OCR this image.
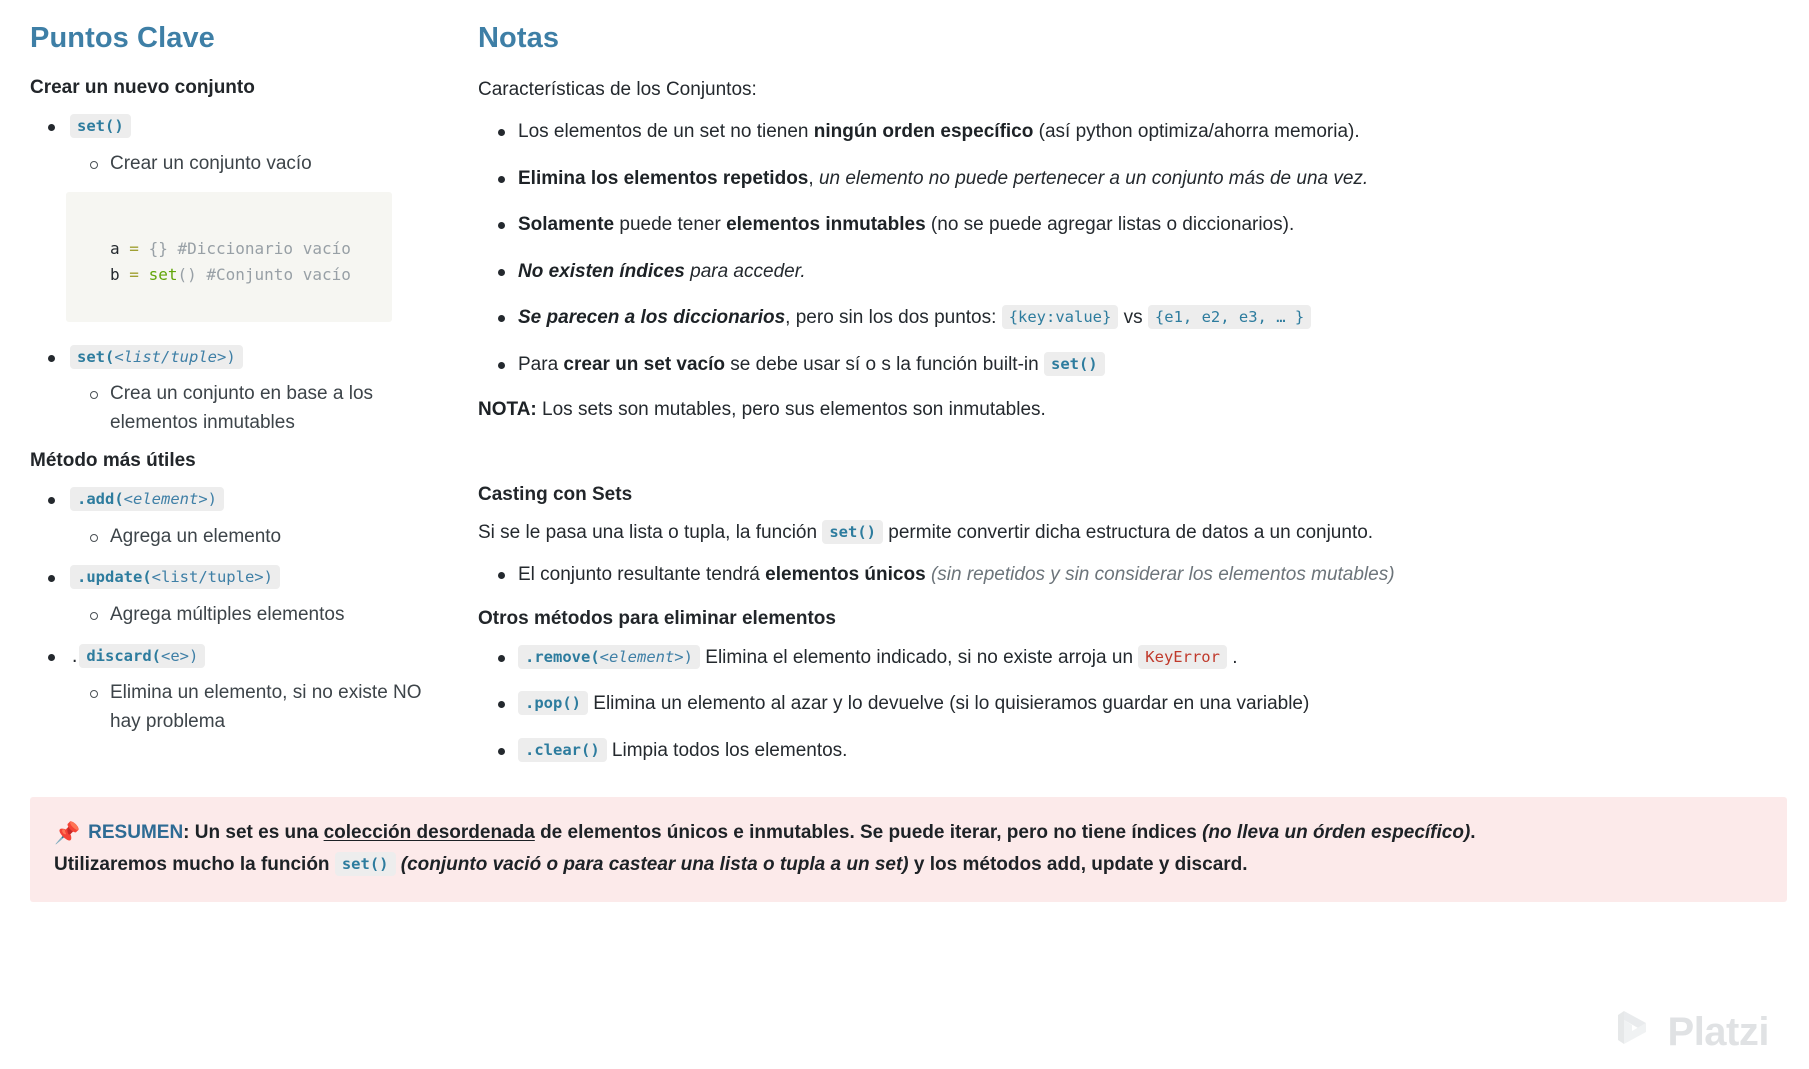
Puntos Clave
Crear un nuevo conjunto
set()
Crear un conjunto vacío
a = {} #Diccionario vacío
b = set() #Conjunto vacío
set(<list/tuple>)
Crea un conjunto en base a los elementos inmutables
Método más útiles
.add(<element>)
Agrega un elemento
.update(<list/tuple>)
Agrega múltiples elementos
. discard(<e>)
Elimina un elemento, si no existe NO hay problema
Notas

Características de los Conjuntos:

Los elementos de un set no tienen ningún orden específico (así python optimiza/ahorra memoria).
Elimina los elementos repetidos, un elemento no puede pertenecer a un conjunto más de una vez.
Solamente puede tener elementos inmutables (no se puede agregar listas o diccionarios).
No existen índices para acceder.
Se parecen a los diccionarios, pero sin los dos puntos: {key:value} vs {e1, e2, e3, … }
Para crear un set vacío se debe usar sí o s la función built-in set()

NOTA: Los sets son mutables, pero sus elementos son inmutables.

Casting con Sets

Si se le pasa una lista o tupla, la función set() permite convertir dicha estructura de datos a un conjunto.

El conjunto resultante tendrá elementos únicos (sin repetidos y sin considerar los elementos mutables)
Otros métodos para eliminar elementos
.remove(<element>) Elimina el elemento indicado, si no existe arroja un KeyError .
.pop() Elimina un elemento al azar y lo devuelve (si lo quisieramos guardar en una variable)
.clear() Limpia todos los elementos.
📌 RESUMEN: Un set es una colección desordenada de elementos únicos e inmutables. Se puede iterar, pero no tiene índices (no lleva un órden específico).
Utilizaremos mucho la función set() (conjunto vació o para castear una lista o tupla a un set) y los métodos add, update y discard.
Platzi
